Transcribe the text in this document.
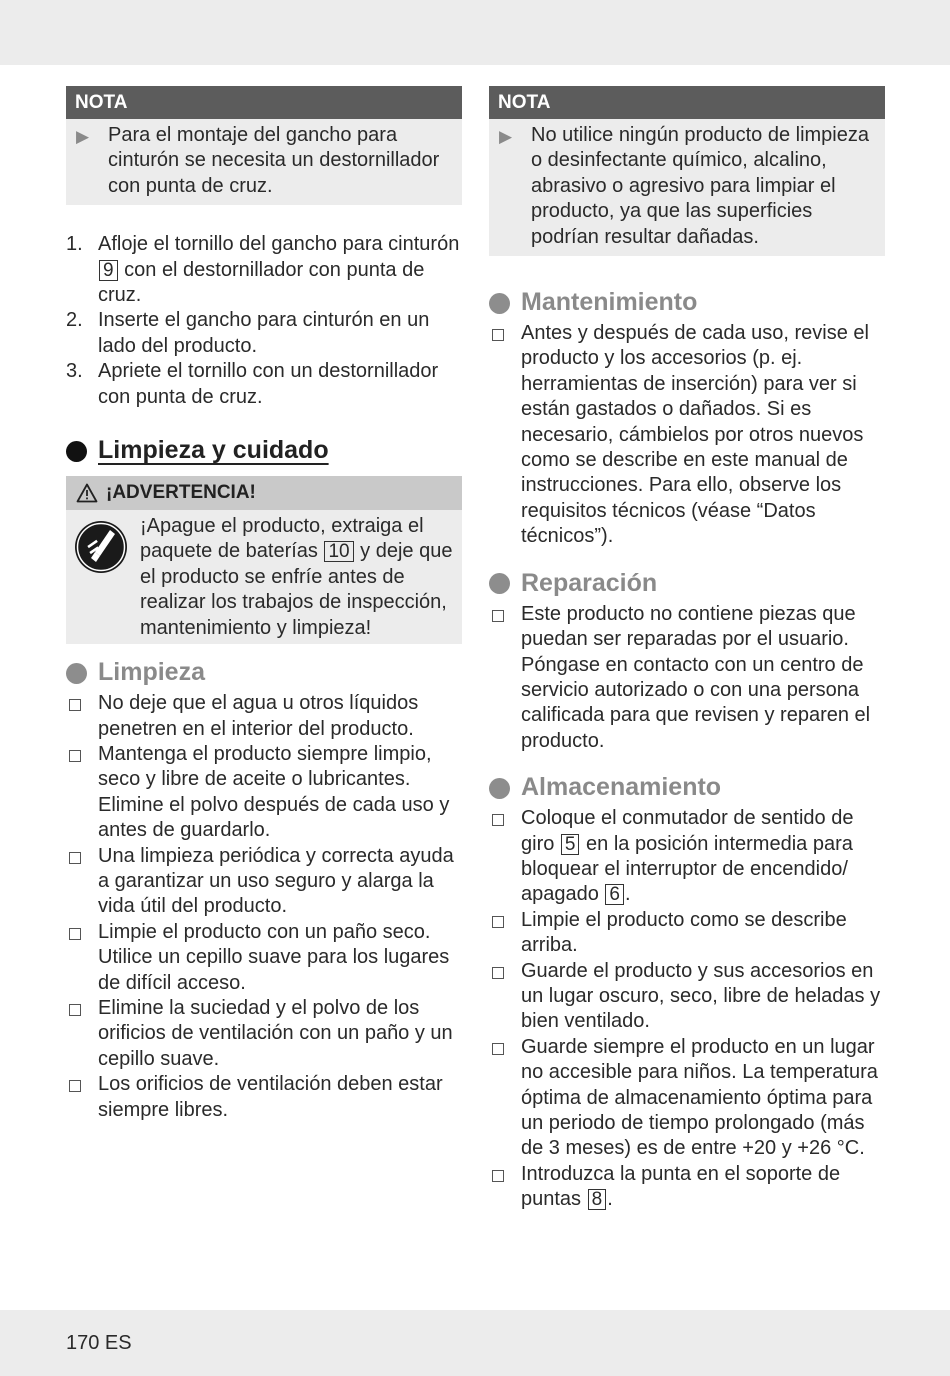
NOTA
▶ Para el montaje del gancho para cinturón se necesita un destornillador con punta de cruz.
1. Afloje el tornillo del gancho para cinturón 9 con el destornillador con punta de cruz.
2. Inserte el gancho para cinturón en un lado del producto.
3. Apriete el tornillo con un destornillador con punta de cruz.
Limpieza y cuidado
¡ADVERTENCIA!
¡Apague el producto, extraiga el paquete de baterías 10 y deje que el producto se enfríe antes de realizar los trabajos de inspección, mantenimiento y limpieza!
Limpieza
No deje que el agua u otros líquidos penetren en el interior del producto.
Mantenga el producto siempre limpio, seco y libre de aceite o lubricantes. Elimine el polvo después de cada uso y antes de guardarlo.
Una limpieza periódica y correcta ayuda a garantizar un uso seguro y alarga la vida útil del producto.
Limpie el producto con un paño seco. Utilice un cepillo suave para los lugares de difícil acceso.
Elimine la suciedad y el polvo de los orificios de ventilación con un paño y un cepillo suave.
Los orificios de ventilación deben estar siempre libres.
NOTA
▶ No utilice ningún producto de limpieza o desinfectante químico, alcalino, abrasivo o agresivo para limpiar el producto, ya que las superficies podrían resultar dañadas.
Mantenimiento
Antes y después de cada uso, revise el producto y los accesorios (p. ej. herramientas de inserción) para ver si están gastados o dañados. Si es necesario, cámbielos por otros nuevos como se describe en este manual de instrucciones. Para ello, observe los requisitos técnicos (véase “Datos técnicos”).
Reparación
Este producto no contiene piezas que puedan ser reparadas por el usuario. Póngase en contacto con un centro de servicio autorizado o con una persona calificada para que revisen y reparen el producto.
Almacenamiento
Coloque el conmutador de sentido de giro 5 en la posición intermedia para bloquear el interruptor de encendido/ apagado 6 .
Limpie el producto como se describe arriba.
Guarde el producto y sus accesorios en un lugar oscuro, seco, libre de heladas y bien ventilado.
Guarde siempre el producto en un lugar no accesible para niños. La temperatura óptima de almacenamiento óptima para un periodo de tiempo prolongado (más de 3 meses) es de entre +20 y +26 °C.
Introduzca la punta en el soporte de puntas 8 .
170 ES
